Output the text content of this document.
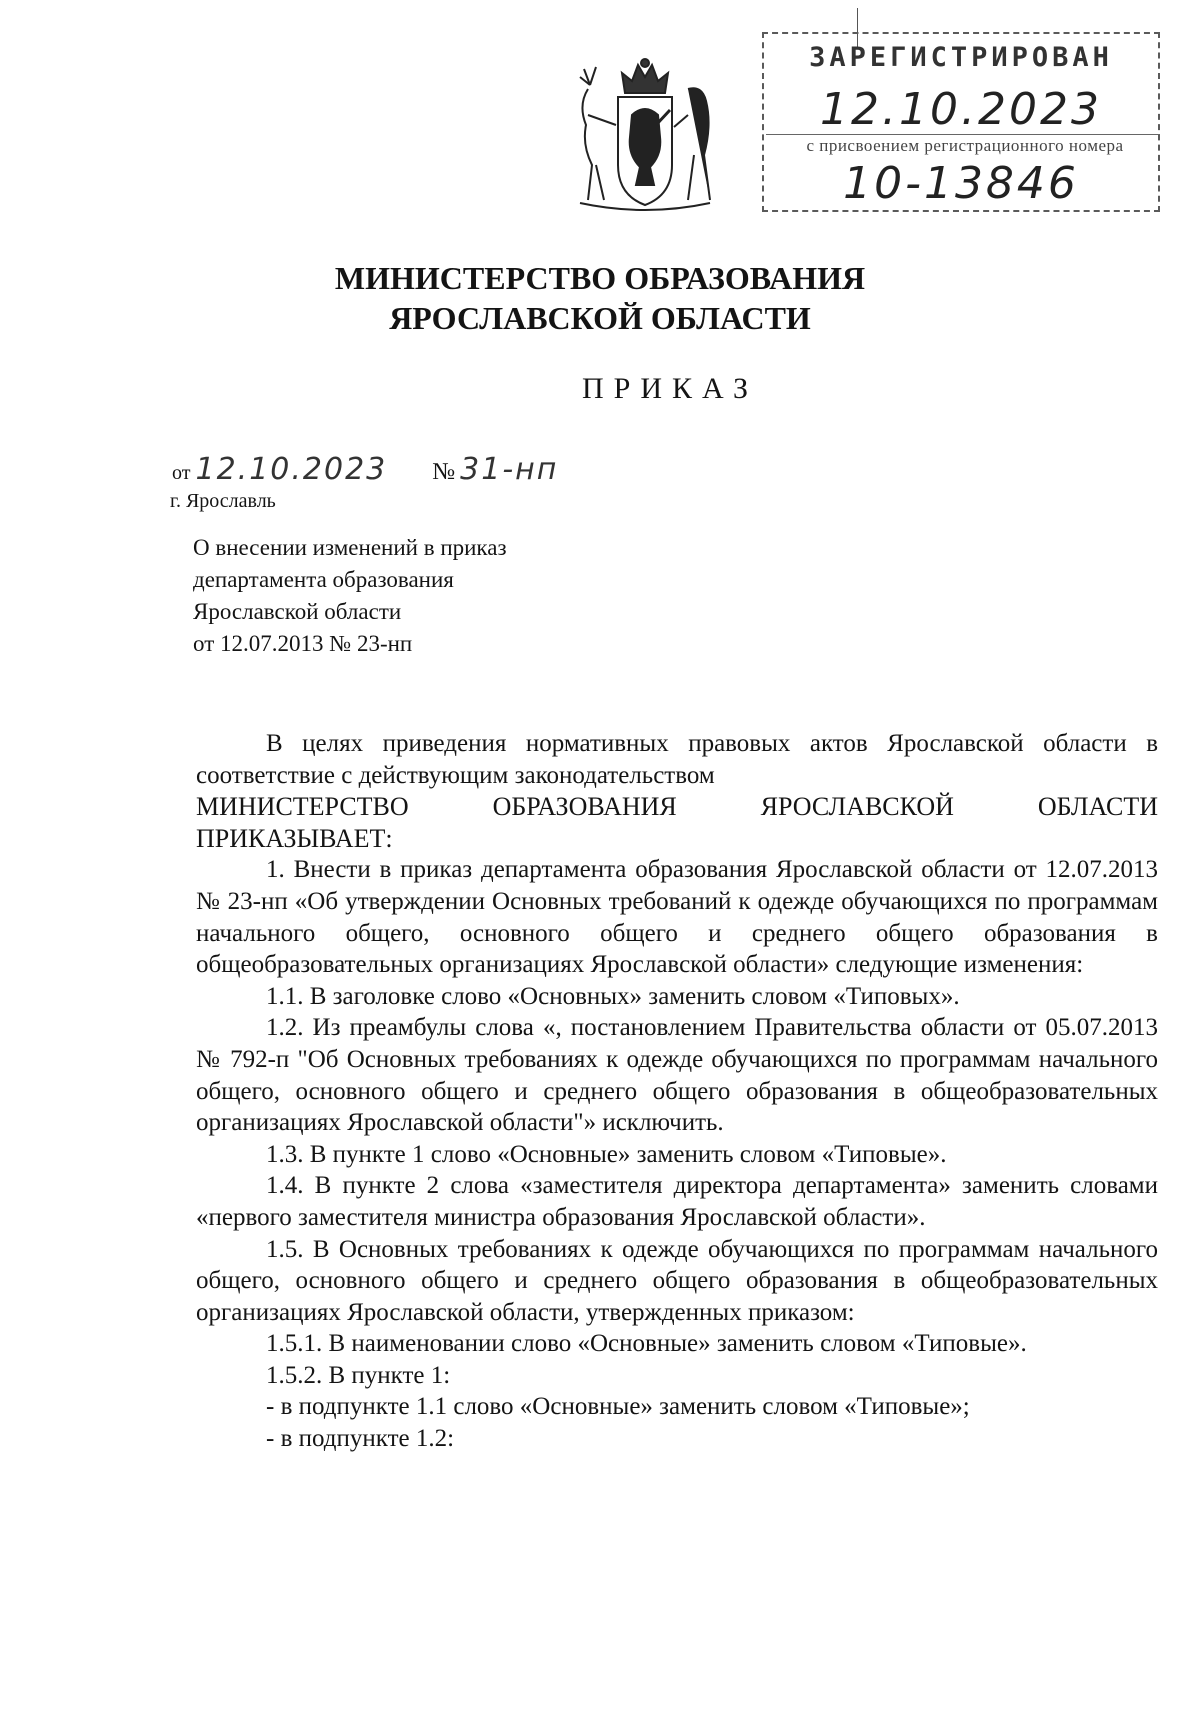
ЗАРЕГИСТРИРОВАН
12.10.2023
с присвоением регистрационного номера
10-13846
МИНИСТЕРСТВО ОБРАЗОВАНИЯ
ЯРОСЛАВСКОЙ ОБЛАСТИ
ПРИКАЗ
от 12.10.2023 № 31-нп
г. Ярославль
О внесении изменений в приказ
департамента образования
Ярославской области
от 12.07.2013 № 23-нп

В целях приведения нормативных правовых актов Ярославской области в соответствие с действующим законодательством

МИНИСТЕРСТВО ОБРАЗОВАНИЯ ЯРОСЛАВСКОЙ ОБЛАСТИ

ПРИКАЗЫВАЕТ:

1. Внести в приказ департамента образования Ярославской области от 12.07.2013 № 23-нп «Об утверждении Основных требований к одежде обучающихся по программам начального общего, основного общего и среднего общего образования в общеобразовательных организациях Ярославской области» следующие изменения:

1.1. В заголовке слово «Основных» заменить словом «Типовых».

1.2. Из преамбулы слова «, постановлением Правительства области от 05.07.2013 № 792-п "Об Основных требованиях к одежде обучающихся по программам начального общего, основного общего и среднего общего образования в общеобразовательных организациях Ярославской области"» исключить.

1.3. В пункте 1 слово «Основные» заменить словом «Типовые».

1.4. В пункте 2 слова «заместителя директора департамента» заменить словами «первого заместителя министра образования Ярославской области».

1.5. В Основных требованиях к одежде обучающихся по программам начального общего, основного общего и среднего общего образования в общеобразовательных организациях Ярославской области, утвержденных приказом:

1.5.1. В наименовании слово «Основные» заменить словом «Типовые».

1.5.2. В пункте 1:

- в подпункте 1.1 слово «Основные» заменить словом «Типовые»;

- в подпункте 1.2:
